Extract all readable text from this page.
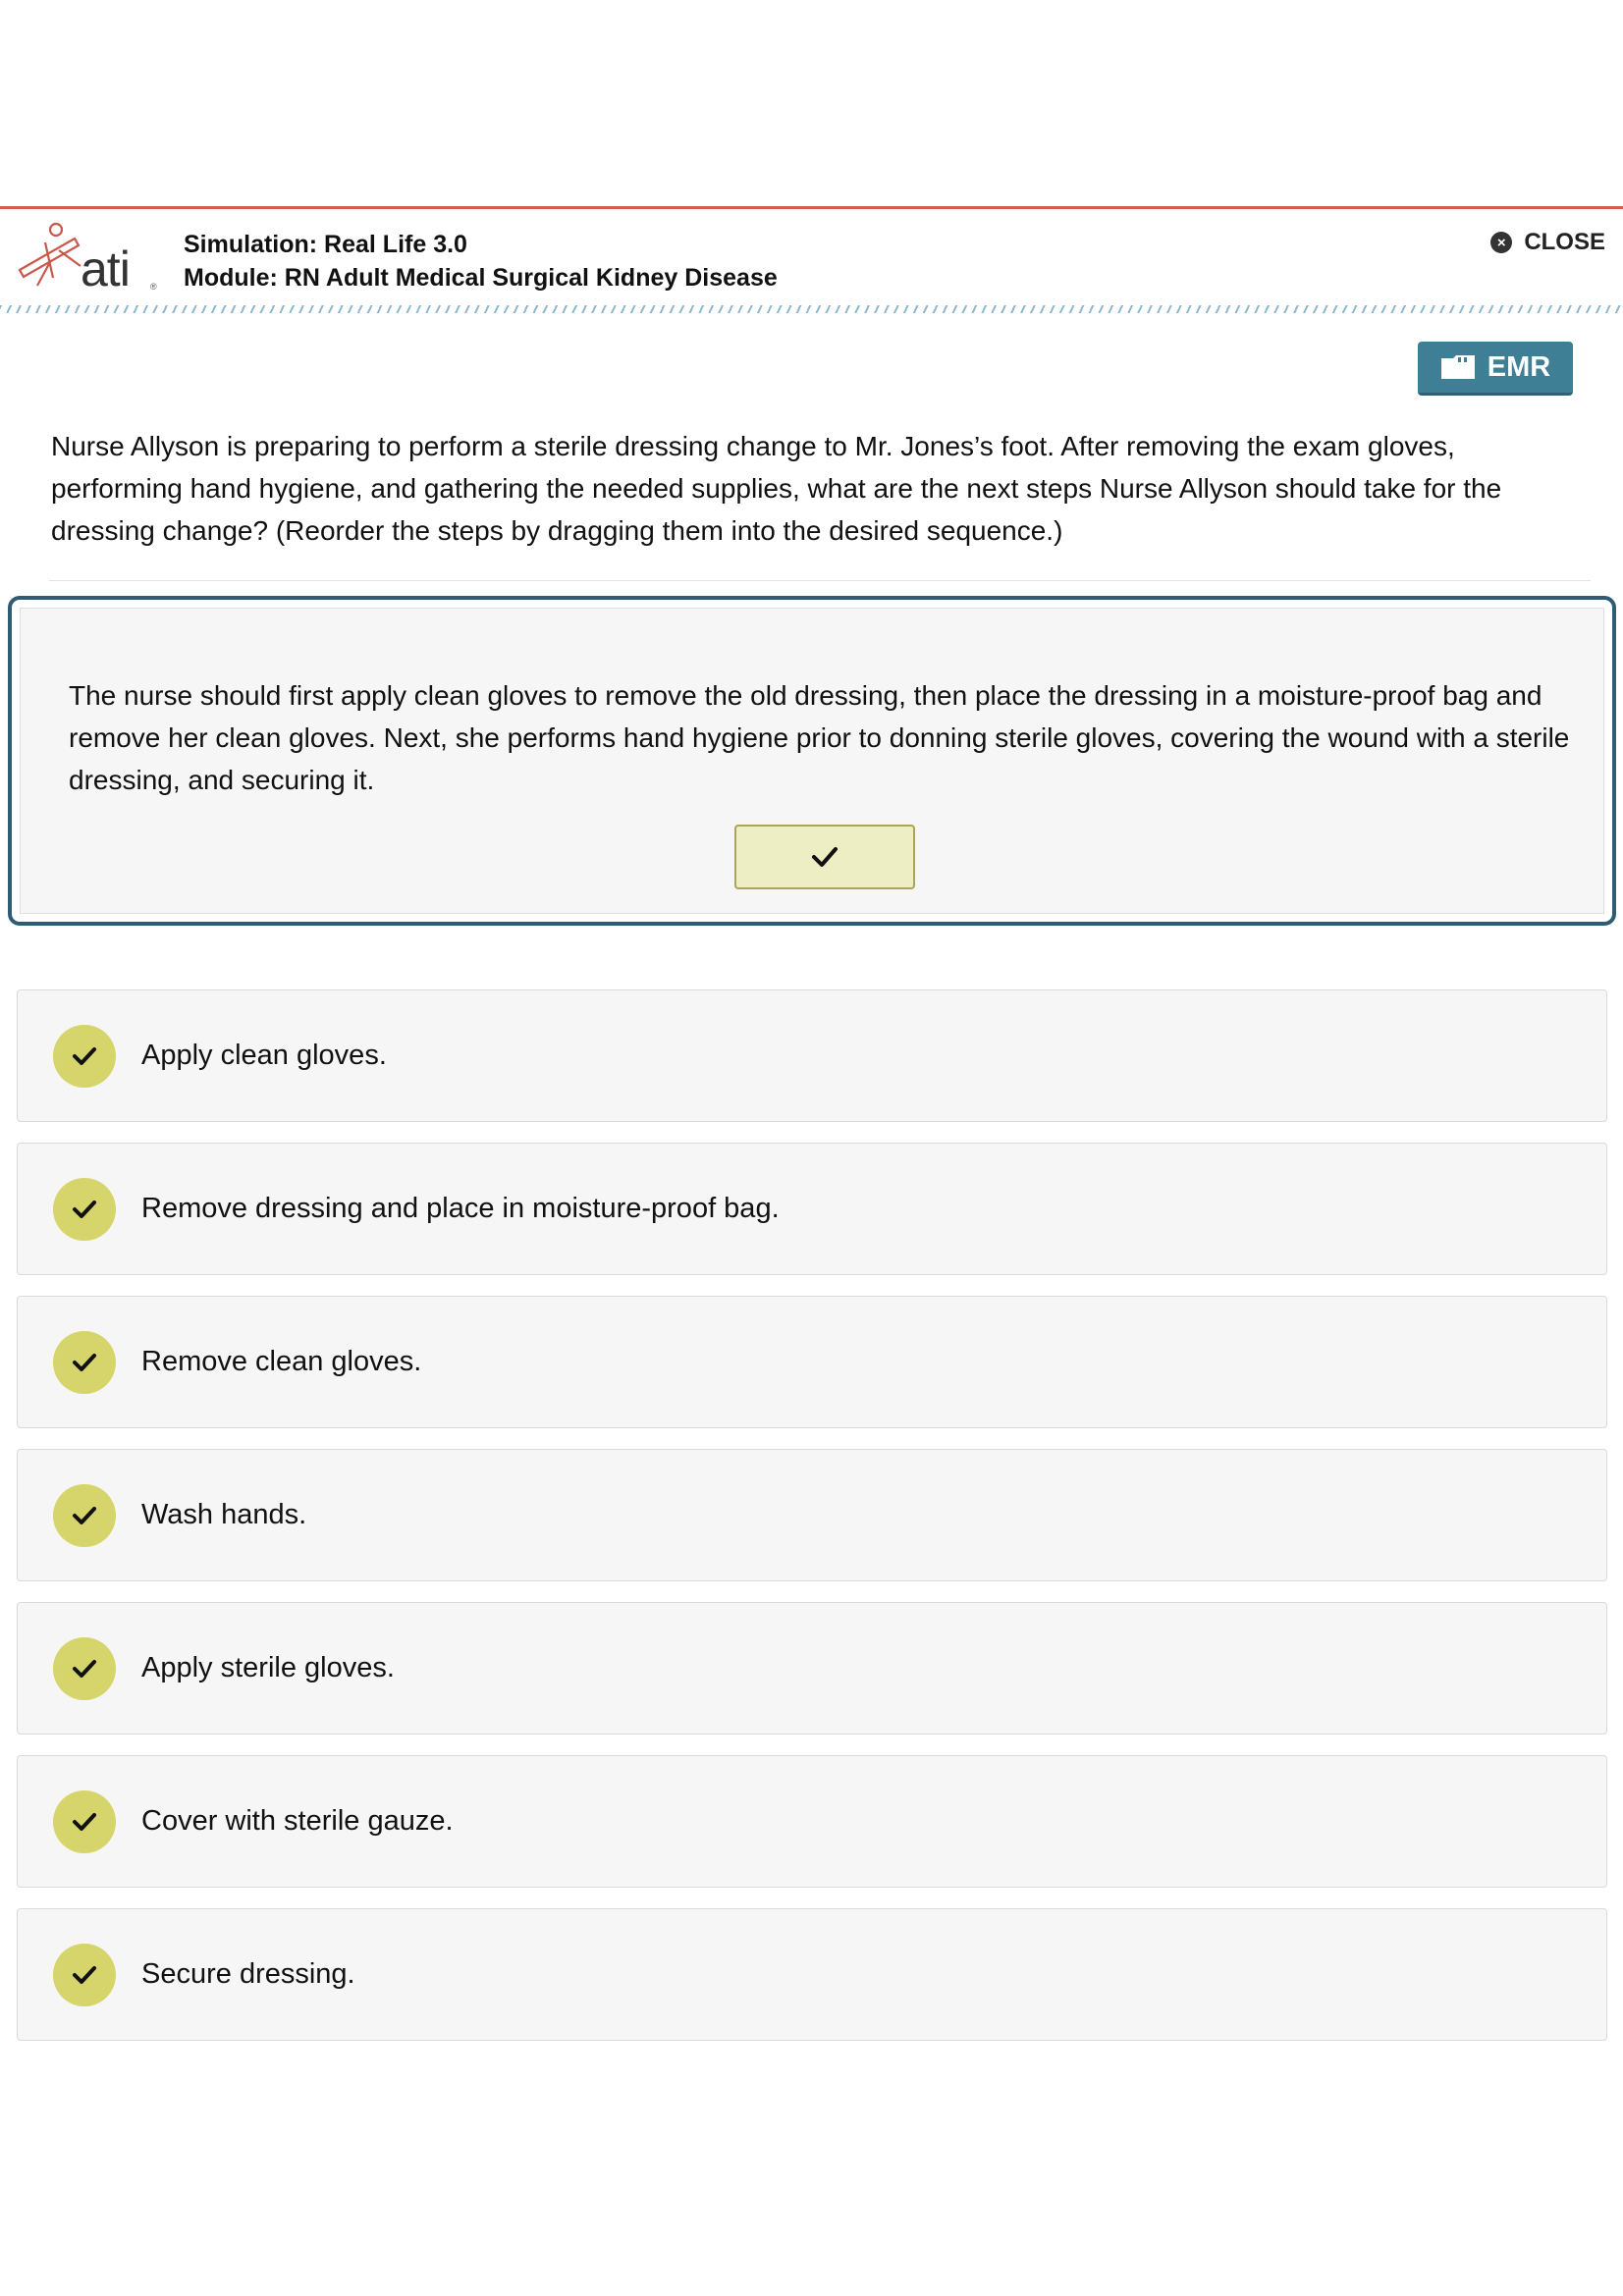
ati ®
Simulation: Real Life 3.0
Module: RN Adult Medical Surgical Kidney Disease
× CLOSE
EMR
Nurse Allyson is preparing to perform a sterile dressing change to Mr. Jones’s foot. After removing the exam gloves, performing hand hygiene, and gathering the needed supplies, what are the next steps Nurse Allyson should take for the dressing change? (Reorder the steps by dragging them into the desired sequence.)
The nurse should first apply clean gloves to remove the old dressing, then place the dressing in a moisture-proof bag and remove her clean gloves. Next, she performs hand hygiene prior to donning sterile gloves, covering the wound with a sterile dressing, and securing it.
Apply clean gloves.
Remove dressing and place in moisture-proof bag.
Remove clean gloves.
Wash hands.
Apply sterile gloves.
Cover with sterile gauze.
Secure dressing.
